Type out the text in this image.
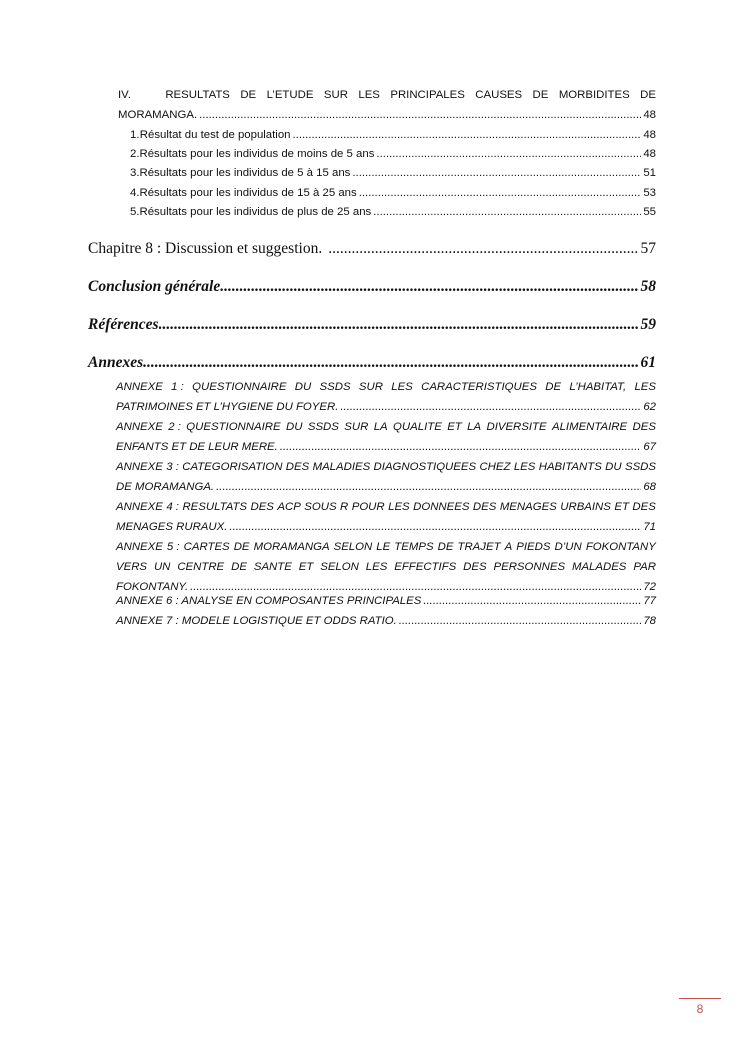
IV.	RESULTATS DE L’ETUDE SUR LES PRINCIPALES CAUSES DE MORBIDITES DE
MORAMANGA. .....	48
1. Résultat du test de population .....	48
2. Résultats pour les individus de moins de 5 ans .....	48
3. Résultats pour les individus de 5 à 15 ans .....	51
4. Résultats pour les individus de 15 à 25 ans .....	53
5. Résultats pour les individus de plus de 25 ans .....	55
Chapitre 8 : Discussion et suggestion. .....	57
Conclusion générale .....	58
Références .....	59
Annexes .....	61
ANNEXE 1 : QUESTIONNAIRE DU SSDS SUR LES CARACTERISTIQUES DE L’HABITAT, LES
PATRIMOINES ET L’HYGIENE DU FOYER. .....	62
ANNEXE 2 : QUESTIONNAIRE DU SSDS SUR LA QUALITE ET LA DIVERSITE ALIMENTAIRE DES
ENFANTS ET DE LEUR MERE. .....	67
ANNEXE 3 : CATEGORISATION DES MALADIES DIAGNOSTIQUEES CHEZ LES HABITANTS DU SSDS
DE MORAMANGA. .....	68
ANNEXE 4 : RESULTATS DES ACP SOUS R POUR LES DONNEES DES MENAGES URBAINS ET DES
MENAGES RURAUX. .....	71
ANNEXE 5 : CARTES DE MORAMANGA SELON LE TEMPS DE TRAJET A PIEDS D’UN FOKONTANY
VERS UN CENTRE DE SANTE ET SELON LES EFFECTIFS DES PERSONNES MALADES PAR
FOKONTANY. .....	72
ANNEXE 6 : ANALYSE EN COMPOSANTES PRINCIPALES .....	77
ANNEXE 7 : MODELE LOGISTIQUE ET ODDS RATIO. .....	78
8
